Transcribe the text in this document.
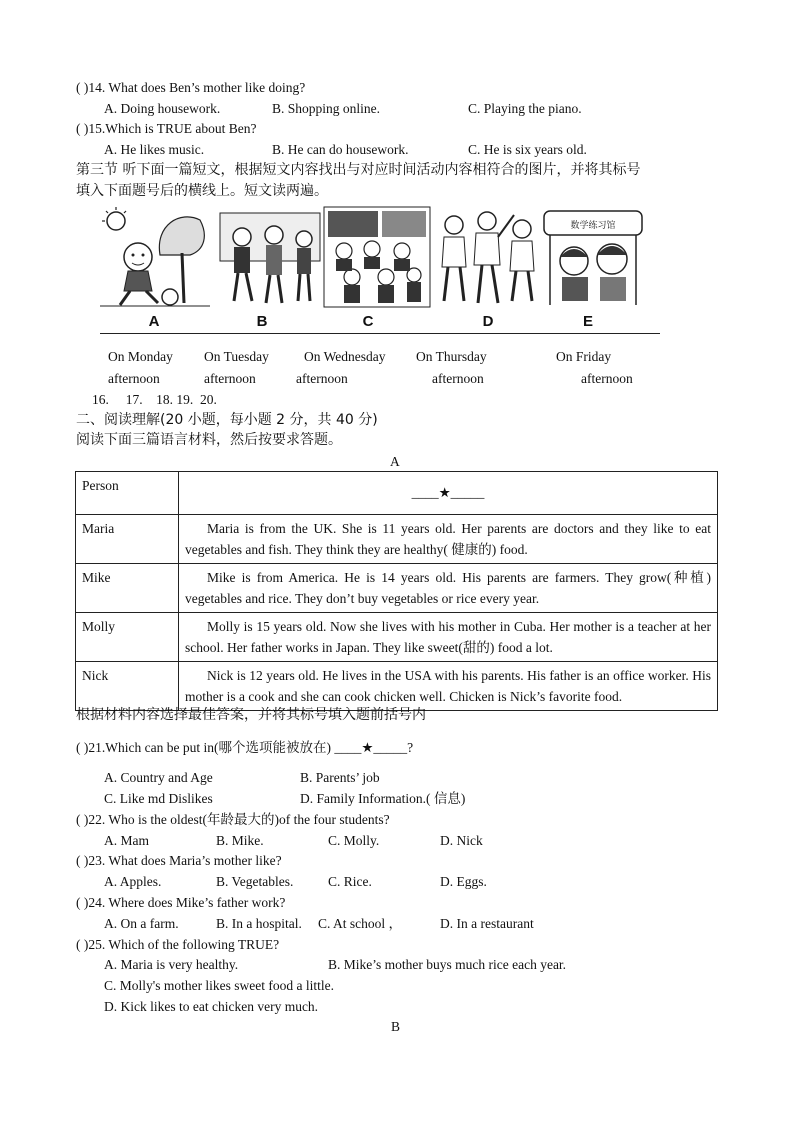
( )14. What does Ben’s mother like doing?
A. Doing housework.	B. Shopping online.	C. Playing the piano.
( )15.Which is TRUE about Ben?
A. He likes music.	B. He can do housework.	C. He is six years old.
第三节 听下面一篇短文，根据短文内容找出与对应时间活动内容相符合的图片，并将其标号
填入下面题号后的横线上。短文读两遍。
数学练习馆
A	B	C	D	E
On Monday On Tuesday	On Wednesday On Thursday	On Friday
afternoon	afternoon	afternoon	afternoon	afternoon
16.     17.    18. 19.  20.
二、阅读理解(20 小题，每小题 2 分，共 40 分)
阅读下面三篇语言材料，然后按要求答题。
A
Person	____★_____
Maria	Maria is from the UK. She is 11 years old. Her parents are doctors and they like to eat vegetables and fish. They think they are healthy( 健康的) food.
Mike	Mike is from America. He is 14 years old. His parents are farmers. They grow(种植) vegetables and rice. They don’t buy vegetables or rice every year.
Molly	Molly is 15 years old. Now she lives with his mother in Cuba. Her mother is a teacher at her school. Her father works in Japan. They like sweet(甜的) food a lot.
Nick	Nick is 12 years old. He lives in the USA with his parents. His father is an office worker. His mother is a cook and she can cook chicken well. Chicken is Nick’s favorite food.
根据材料内容选择最佳答案，并将其标号填入题前括号内
( )21.Which can be put in(哪个选项能被放在) ____★_____?
A. Country and Age	B. Parents’ job
C. Like md Dislikes	D. Family Information.( 信息)
( )22. Who is the oldest(年龄最大的)of the four students?
A. Mam	B. Mike.	C. Molly.	D. Nick
( )23. What does Maria’s mother like?
A. Apples.	B. Vegetables.	C. Rice.	D. Eggs.
( )24. Where does Mike’s father work?
A. On a farm.	B. In a hospital. C. At school ，	D. In a restaurant
( )25. Which of the following TRUE?
A. Maria is very healthy.	B. Mike’s mother buys much rice each year.
C. Molly's mother likes sweet food a little.
D. Kick likes to eat chicken very much.
B
